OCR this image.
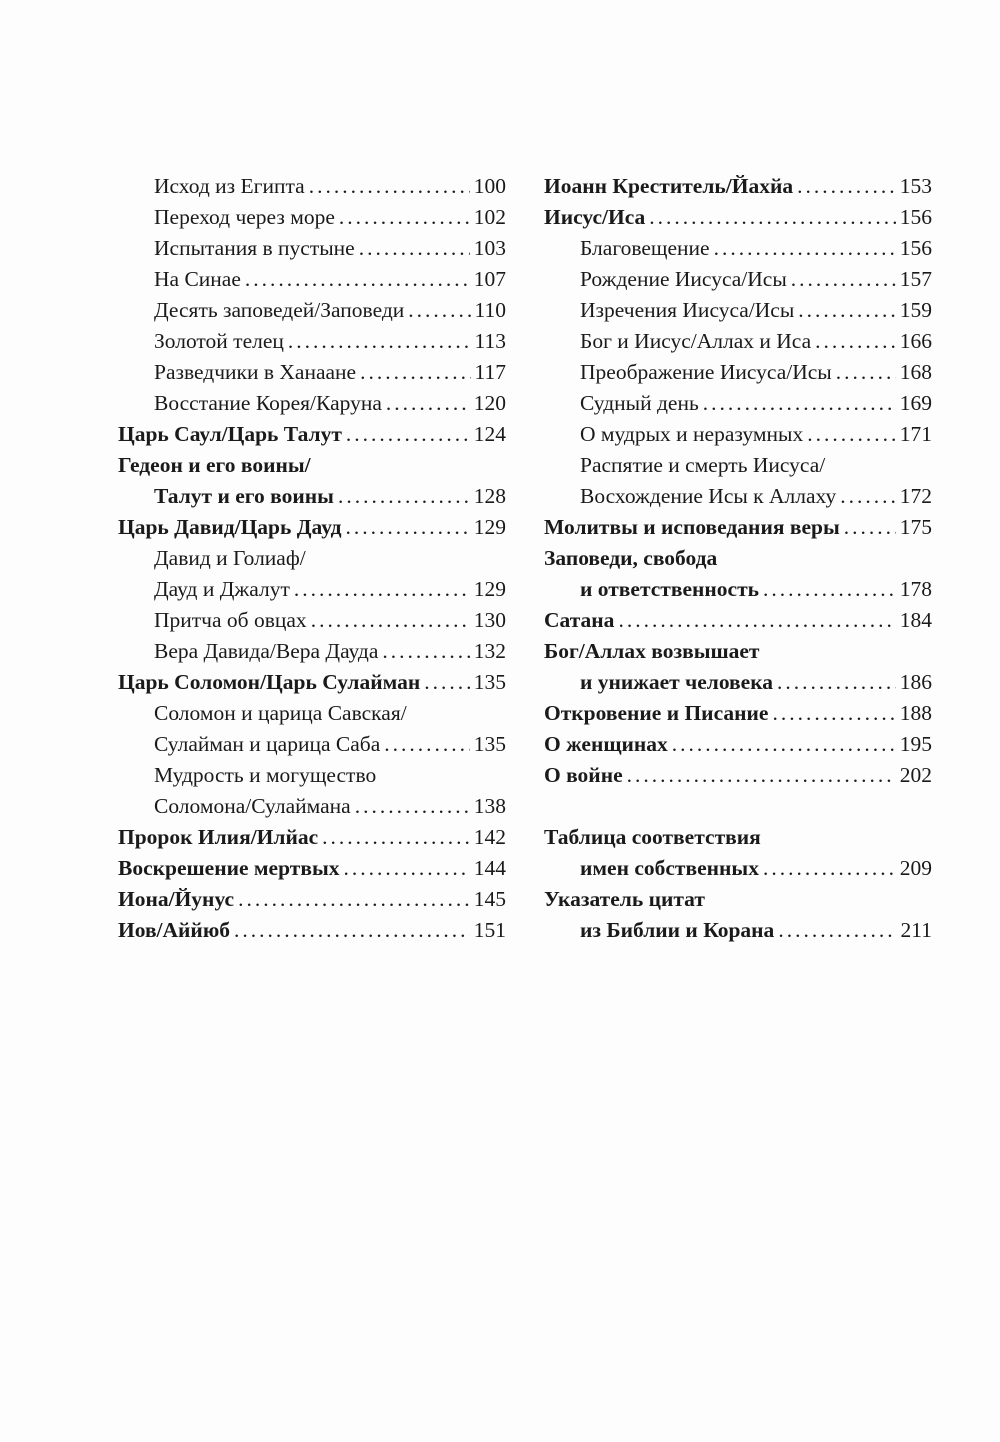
Исход из Египта .....	100
Переход через море .....	102
Испытания в пустыне .....	103
На Синае .....	107
Десять заповедей/Заповеди .....	110
Золотой телец .....	113
Разведчики в Ханаане .....	117
Восстание Корея/Каруна .....	120
Царь Саул/Царь Талут .....	124
Гедеон и его воины/
Талут и его воины .....	128
Царь Давид/Царь Дауд .....	129
Давид и Голиаф/
Дауд и Джалут .....	129
Притча об овцах .....	130
Вера Давида/Вера Дауда .....	132
Царь Соломон/Царь Сулайман ..... 135
Соломон и царица Савская/
Сулайман и царица Саба .....	135
Мудрость и могущество
Соломона/Сулаймана .....	138
Пророк Илия/Илйас .....	142
Воскрешение мертвых .....	144
Иона/Йунус .....	145
Иов/Аййюб .....	151
Иоанн Креститель/Йахйа .....	153
Иисус/Иса .....	156
Благовещение .....	156
Рождение Иисуса/Исы .....	157
Изречения Иисуса/Исы .....	159
Бог и Иисус/Аллах и Иса .....	166
Преображение Иисуса/Исы .....	168
Судный день .....	169
О мудрых и неразумных .....	171
Распятие и смерть Иисуса/
Восхождение Исы к Аллаху .....	172
Молитвы и исповедания веры .....	175
Заповеди, свобода
и ответственность .....	178
Сатана .....	184
Бог/Аллах возвышает
и унижает человека .....	186
Откровение и Писание .....	188
О женщинах .....	195
О войне .....	202
Таблица соответствия
имен собственных .....	209
Указатель цитат
из Библии и Корана .....	211
